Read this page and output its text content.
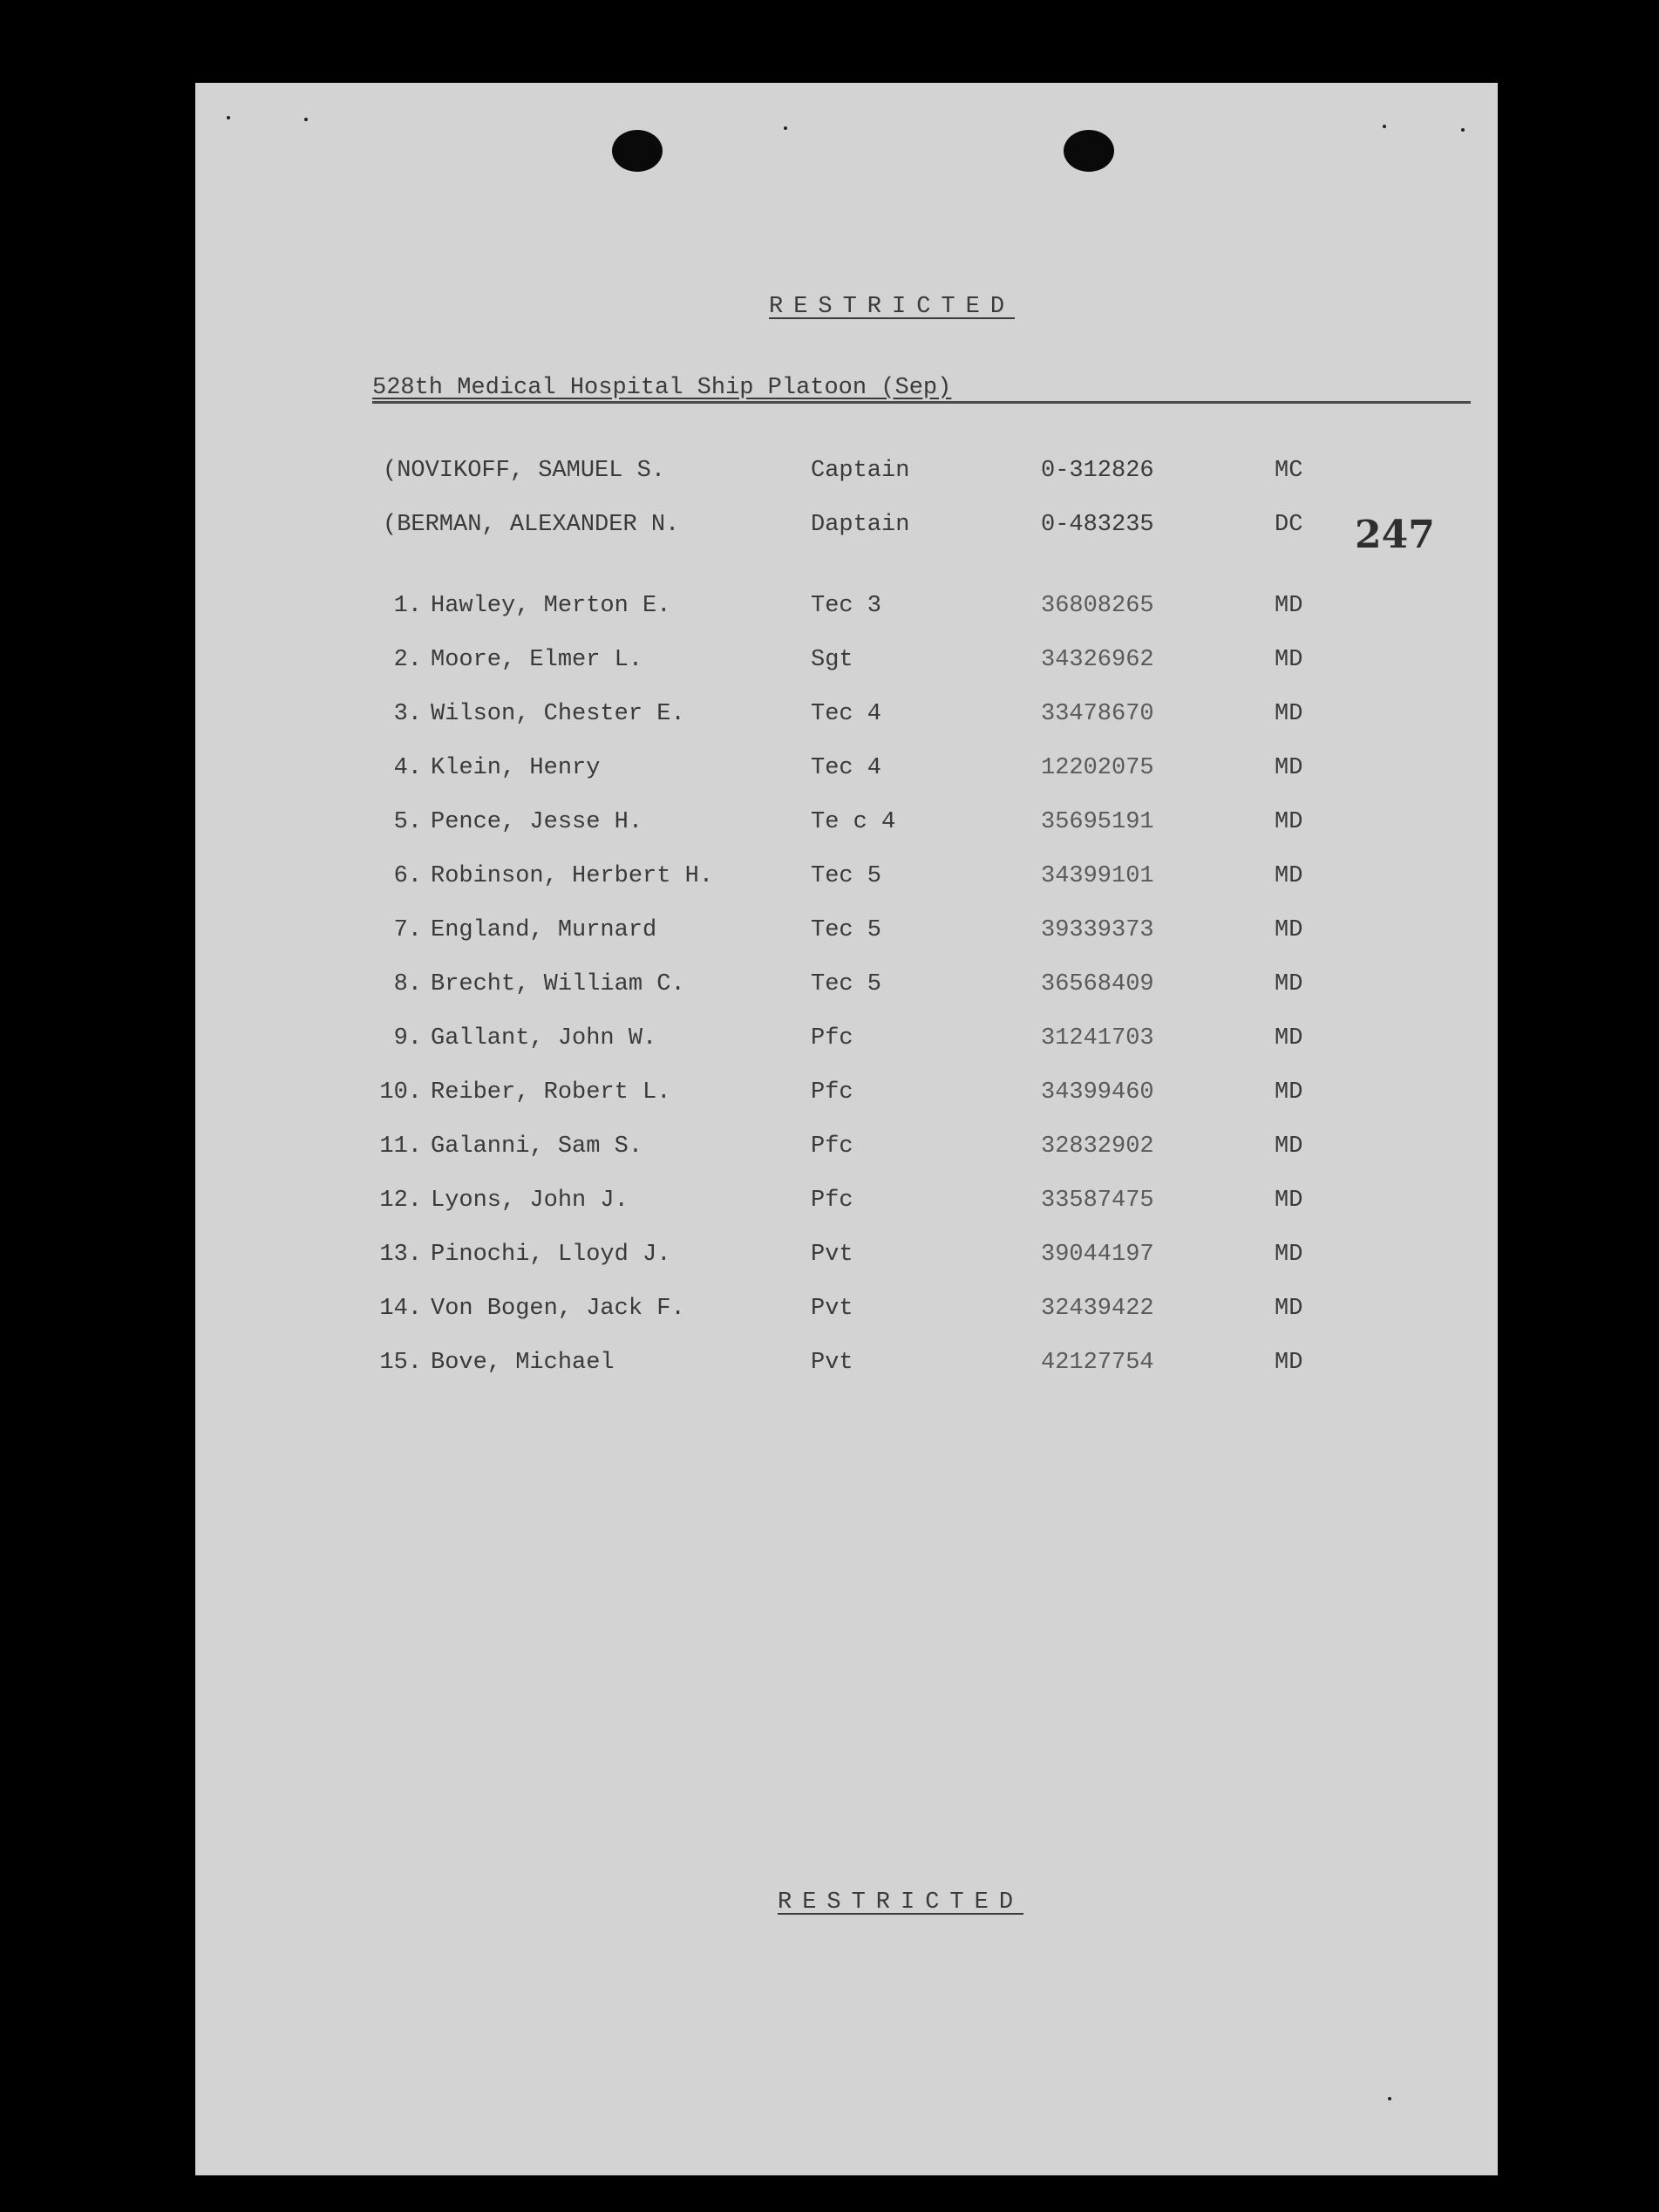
RESTRICTED
528th Medical Hospital Ship Platoon (Sep)
247
(NOVIKOFF, SAMUEL S.	Captain	0-312826	MC
(BERMAN, ALEXANDER N.	Daptain	0-483235	DC
1. Hawley, Merton E.	Tec 3	36808265	MD
2. Moore, Elmer L.	Sgt	34326962	MD
3. Wilson, Chester E.	Tec 4	33478670	MD
4. Klein, Henry	Tec 4	12202075	MD
5. Pence, Jesse H.	Te c 4	35695191	MD
6. Robinson, Herbert H.	Tec 5	34399101	MD
7. England, Murnard	Tec 5	39339373	MD
8. Brecht, William C.	Tec 5	36568409	MD
9. Gallant, John W.	Pfc	31241703	MD
10. Reiber, Robert L.	Pfc	34399460	MD
11. Galanni, Sam S.	Pfc	32832902	MD
12. Lyons, John J.	Pfc	33587475	MD
13. Pinochi, Lloyd J.	Pvt	39044197	MD
14. Von Bogen, Jack F.	Pvt	32439422	MD
15. Bove, Michael	Pvt	42127754	MD
RESTRICTED
